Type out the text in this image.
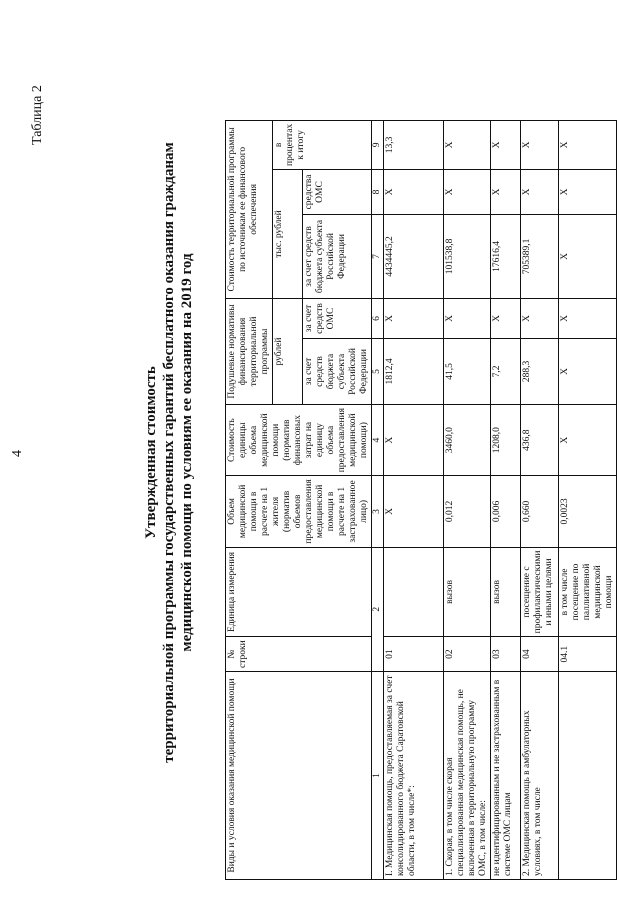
4
Таблица 2
Утвержденная стоимость территориальной программы государственных гарантий бесплатного оказания гражданам медицинской помощи по условиям ее оказания на 2019 год
Виды и условия оказания медицинской помощи	№ строки	Единица измерения	Объем медицинской помощи в расчете на 1 жителя (норматив объемов предоставления медицинской помощи в расчете на 1 застрахованное лицо)	Стоимость единицы объема медицинской помощи (норматив финансовых затрат на единицу объема предоставления медицинской помощи)	Подушевые нормативы финансирования территориальной программы		Стоимость территориальной программы по источникам ее финансового обеспечения		
					рублей		тыс. рублей		в процентах к итогу
					за счет средств бюджета субъекта Российской Федерации	за счет средств ОМС	за счет средств бюджета субъекта Российской Федерации	средства ОМС	
1	2		3	4	5	6	7	8	9
I. Медицинская помощь, предоставляемая за счет консолидированного бюджета Саратовской области, в том числе*:	01		Х	Х	1812,4	Х	4434445,2	Х	13,3
1. Скорая, в том числе скорая специализированная медицинская помощь, не включенная в территориальную программу ОМС, в том числе:	02	вызов	0,012	3460,0	41,5	Х	101538,8	Х	Х
не идентифицированным и не застрахованным в системе ОМС лицам	03	вызов	0,006	1208,0	7,2	Х	17616,4	Х	Х
2. Медицинская помощь в амбулаторных условиях, в том числе	04	посещение с профилактическими и иными целями	0,660	436,8	288,3	Х	705389,1	Х	Х
	04.1	в том числе посещение по паллиативной медицинской помощи	0,0023	Х	Х	Х	Х	Х	Х
